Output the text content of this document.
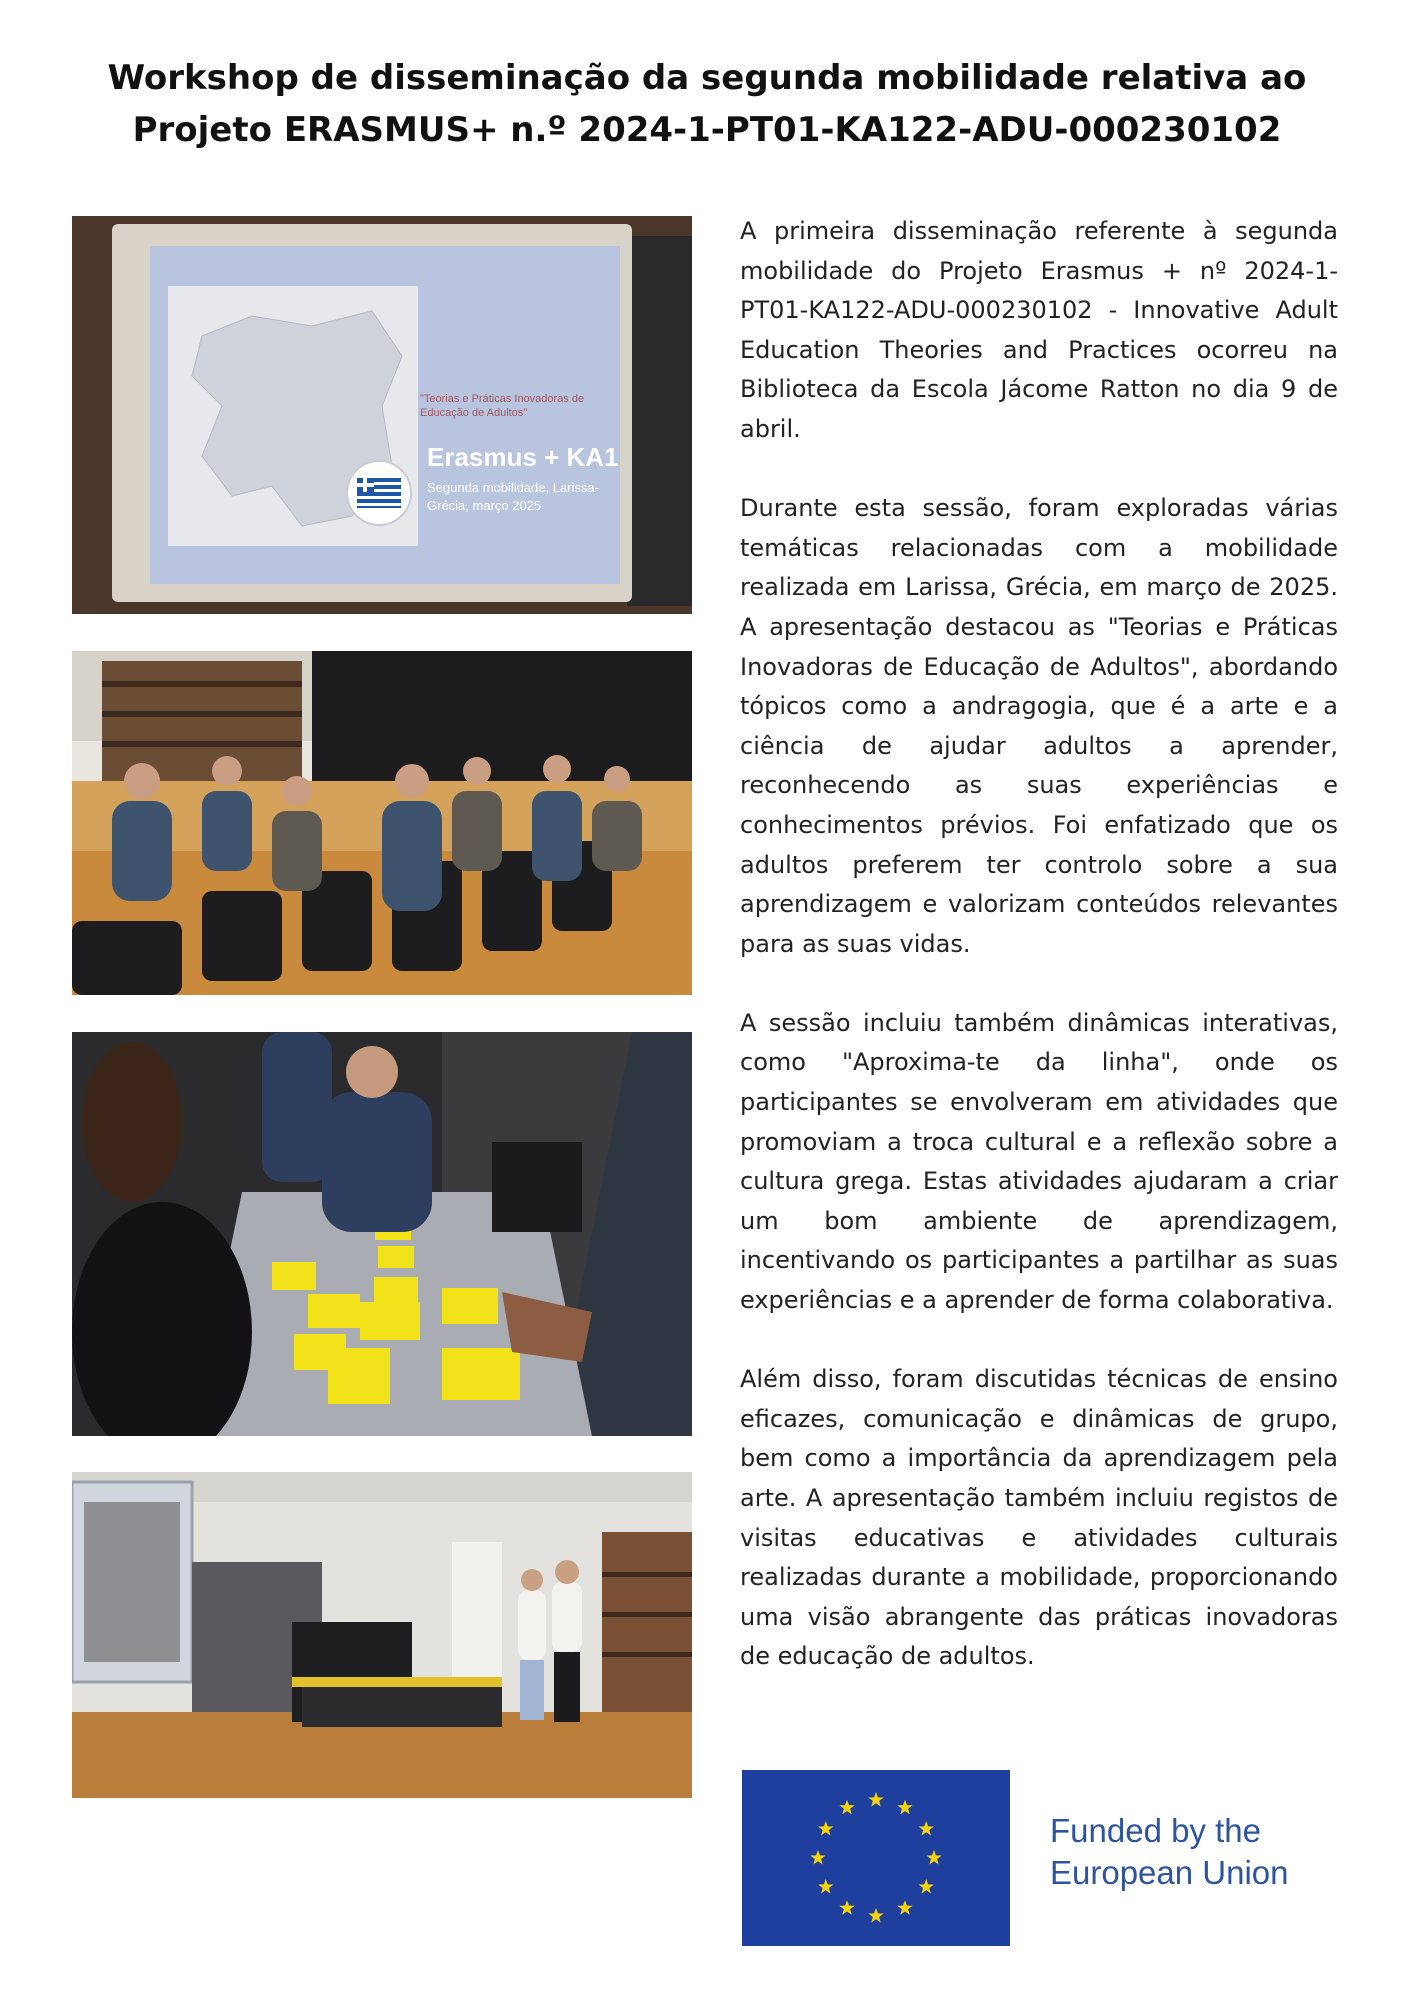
Workshop de disseminação da segunda mobilidade relativa ao
Projeto ERASMUS+ n.º 2024-1-PT01-KA122-ADU-000230102
"Teorias e Práticas Inovadoras de
Educação de Adultos"
Erasmus + KA1
Segunda mobilidade, Larissa-
Grécia, março 2025

A primeira disseminação referente à segunda mobilidade do Projeto Erasmus + nº 2024-1-PT01-KA122-ADU-000230102 - Innovative Adult Education Theories and Practices ocorreu na Biblioteca da Escola Jácome Ratton no dia 9 de abril.

Durante esta sessão, foram exploradas várias temáticas relacionadas com a mobilidade realizada em Larissa, Grécia, em março de 2025. A apresentação destacou as "Teorias e Práticas Inovadoras de Educação de Adultos", abordando tópicos como a andragogia, que é a arte e a ciência de ajudar adultos a aprender, reconhecendo as suas experiências e conhecimentos prévios. Foi enfatizado que os adultos preferem ter controlo sobre a sua aprendizagem e valorizam conteúdos relevantes para as suas vidas.

A sessão incluiu também dinâmicas interativas, como "Aproxima-te da linha", onde os participantes se envolveram em atividades que promoviam a troca cultural e a reflexão sobre a cultura grega. Estas atividades ajudaram a criar um bom ambiente de aprendizagem, incentivando os participantes a partilhar as suas experiências e a aprender de forma colaborativa.

Além disso, foram discutidas técnicas de ensino eficazes, comunicação e dinâmicas de grupo, bem como a importância da aprendizagem pela arte. A apresentação também incluiu registos de visitas educativas e atividades culturais realizadas durante a mobilidade, proporcionando uma visão abrangente das práticas inovadoras de educação de adultos.

Funded by the
European Union
